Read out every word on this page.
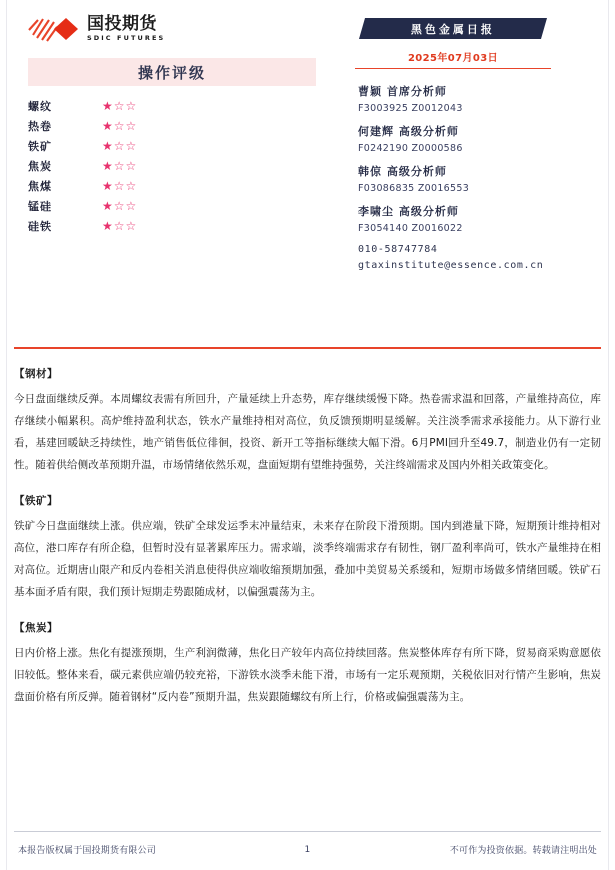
国投期货
SDIC FUTURES
操作评级
螺纹	★☆☆
热卷	★☆☆
铁矿	★☆☆
焦炭	★☆☆
焦煤	★☆☆
锰硅	★☆☆
硅铁	★☆☆
黑色金属日报
2025年07月03日
曹颖 首席分析师
F3003925 Z0012043
何建辉 高级分析师
F0242190 Z0000586
韩倞 高级分析师
F03086835 Z0016553
李啸尘 高级分析师
F3054140 Z0016022
010-58747784
gtaxinstitute@essence.com.cn
【钢材】
今日盘面继续反弹。本周螺纹表需有所回升，产量延续上升态势，库存继续缓慢下降。热卷需求温和回落，产量维持高位，库存继续小幅累积。高炉维持盈利状态，铁水产量维持相对高位，负反馈预期明显缓解。关注淡季需求承接能力。从下游行业看，基建回暖缺乏持续性，地产销售低位徘徊，投资、新开工等指标继续大幅下滑。6月PMI回升至49.7，制造业仍有一定韧性。随着供给侧改革预期升温，市场情绪依然乐观，盘面短期有望维持强势，关注终端需求及国内外相关政策变化。
【铁矿】
铁矿今日盘面继续上涨。供应端，铁矿全球发运季末冲量结束，未来存在阶段下滑预期。国内到港量下降，短期预计维持相对高位，港口库存有所企稳，但暂时没有显著累库压力。需求端，淡季终端需求存有韧性，钢厂盈利率尚可，铁水产量维持在相对高位。近期唐山限产和反内卷相关消息使得供应端收缩预期加强，叠加中美贸易关系缓和，短期市场做多情绪回暖。铁矿石基本面矛盾有限，我们预计短期走势跟随成材，以偏强震荡为主。
【焦炭】
日内价格上涨。焦化有提涨预期，生产利润微薄，焦化日产较年内高位持续回落。焦炭整体库存有所下降，贸易商采购意愿依旧较低。整体来看，碳元素供应端仍较充裕，下游铁水淡季未能下滑，市场有一定乐观预期，关税依旧对行情产生影响，焦炭盘面价格有所反弹。随着钢材“反内卷”预期升温，焦炭跟随螺纹有所上行，价格或偏强震荡为主。
本报告版权属于国投期货有限公司	1	不可作为投资依据。转载请注明出处
